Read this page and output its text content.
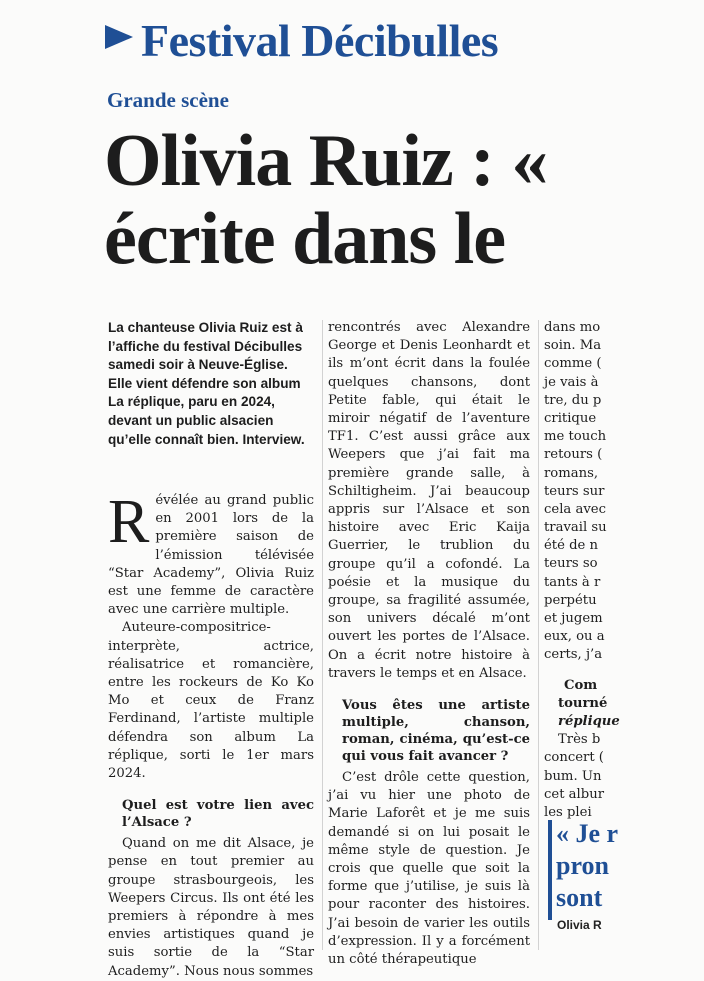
Festival Décibulles
Grande scène
Olivia Ruiz : «
écrite dans le
La chanteuse Olivia Ruiz est à l’affiche du festival Décibulles samedi soir à Neuve-Église. Elle vient défendre son album La réplique, paru en 2024, devant un public alsacien qu’elle connaît bien. Interview.

Révélée au grand public en 2001 lors de la première saison de l’émission télévisée “Star Academy”, Olivia Ruiz est une femme de caractère avec une carrière multiple.

Auteure-compositrice-interprète, actrice, réalisatrice et romancière, entre les rockeurs de Ko Ko Mo et ceux de Franz Ferdinand, l’artiste multiple défendra son album La réplique, sorti le 1er mars 2024.

Quel est votre lien avec l’Alsace ?

Quand on me dit Alsace, je pense en tout premier au groupe strasbourgeois, les Weepers Circus. Ils ont été les premiers à répondre à mes envies artistiques quand je suis sortie de la “Star Academy”. Nous nous sommes

rencontrés avec Alexandre George et Denis Leonhardt et ils m’ont écrit dans la foulée quelques chansons, dont Petite fable, qui était le miroir négatif de l’aventure TF1. C’est aussi grâce aux Weepers que j’ai fait ma première grande salle, à Schiltigheim. J’ai beaucoup appris sur l’Alsace et son histoire avec Eric Kaija Guerrier, le trublion du groupe qu’il a cofondé. La poésie et la musique du groupe, sa fragilité assumée, son univers décalé m’ont ouvert les portes de l’Alsace. On a écrit notre histoire à travers le temps et en Alsace.

Vous êtes une artiste multiple, chanson, roman, cinéma, qu’est-ce qui vous fait avancer ?

C’est drôle cette question, j’ai vu hier une photo de Marie Laforêt et je me suis demandé si on lui posait le même style de question. Je crois que quelle que soit la forme que j’utilise, je suis là pour raconter des histoires. J’ai besoin de varier les outils d’expression. Il y a forcément un côté thérapeutique

dans mo
soin. Ma
comme (
je vais à
tre, du p
critique
me touch
retours (
romans,
teurs sur
cela avec
travail su
été de n
teurs so
tants à r
perpétu
et jugem
eux, ou a
certs, j’a
Com
tourné
réplique
Très b
concert (
bum. Un
cet albur
les plei
« Je r
pron
sont
Olivia R
